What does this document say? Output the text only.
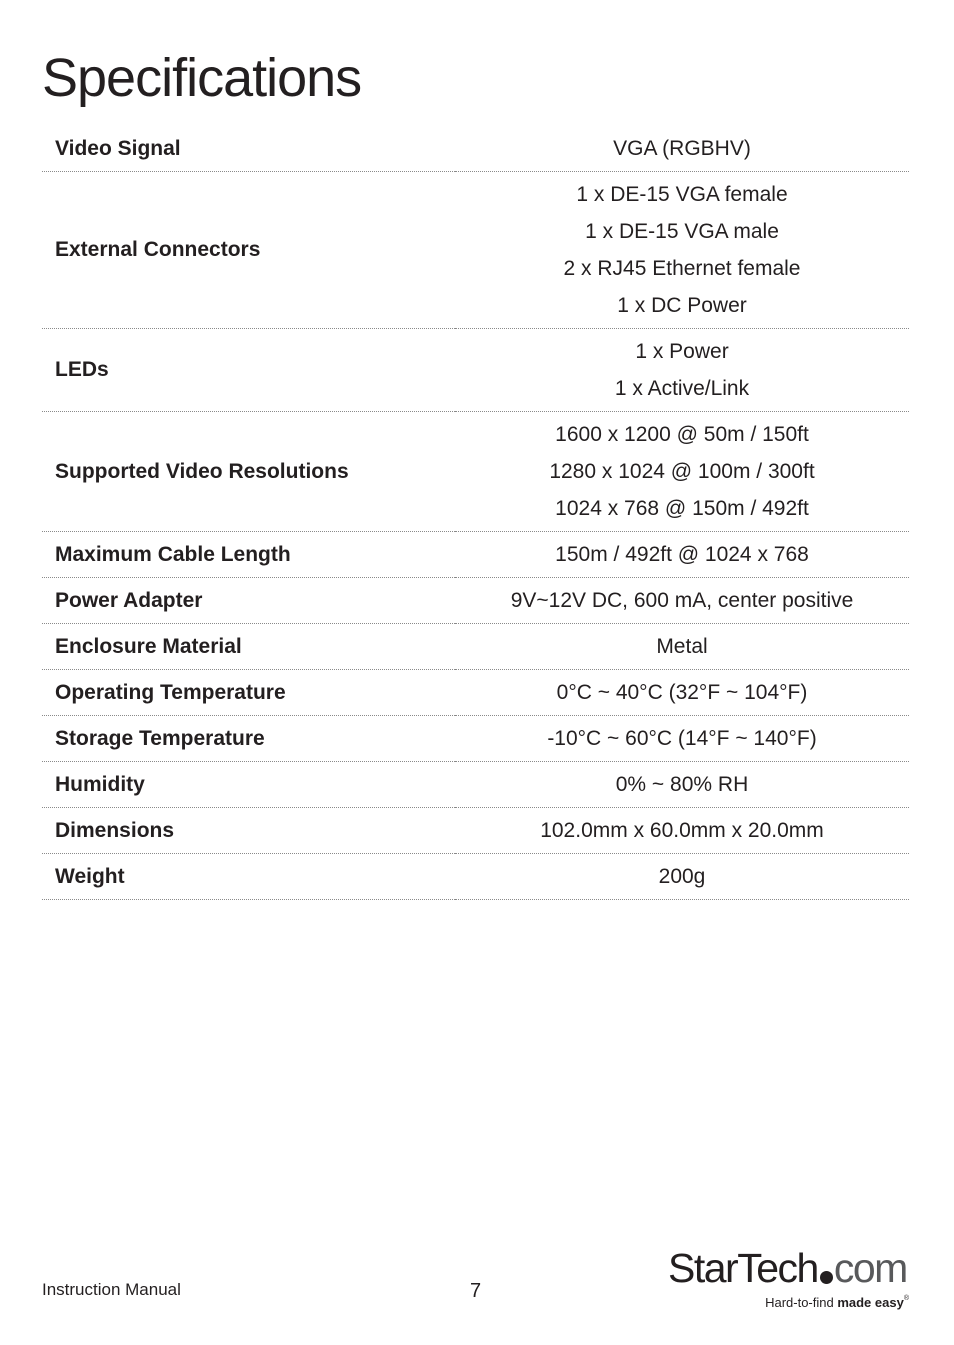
Specifications
Video Signal	VGA (RGBHV)

External Connectors	1 x DE-15 VGA female
1 x DE-15 VGA male
2 x RJ45 Ethernet female
1 x DC Power

LEDs	1 x Power
1 x Active/Link

Supported Video Resolutions	1600 x 1200 @ 50m / 150ft
1280 x 1024 @ 100m / 300ft
1024 x 768 @ 150m / 492ft

Maximum Cable Length	150m / 492ft @ 1024 x 768

Power Adapter	9V~12V DC, 600 mA, center positive

Enclosure Material	Metal

Operating Temperature	0°C ~ 40°C (32°F ~ 104°F)

Storage Temperature	-10°C ~ 60°C (14°F ~ 140°F)

Humidity	0% ~ 80% RH

Dimensions	102.0mm x 60.0mm x 20.0mm

Weight	200g
Instruction Manual	7	StarTech com
Hard-to-find made easy®
